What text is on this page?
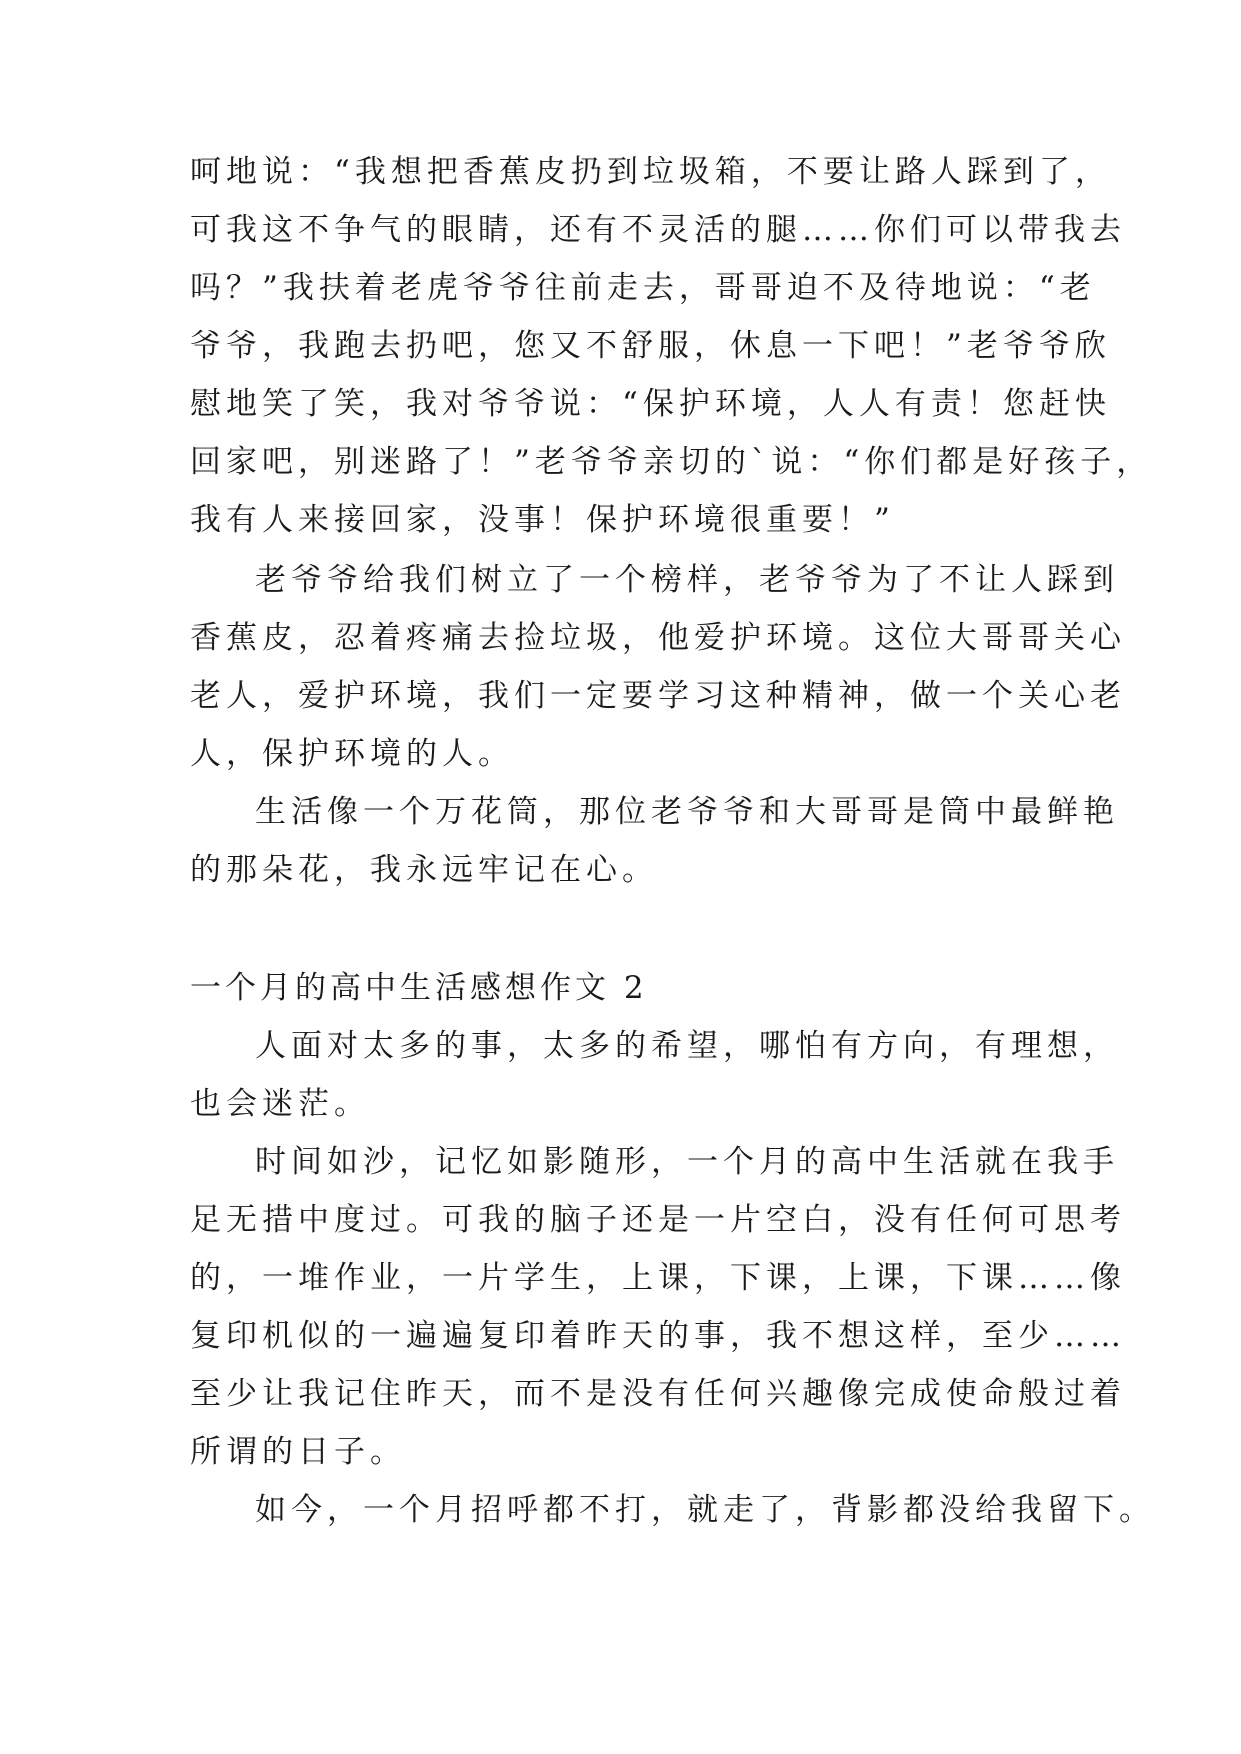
呵地说：“我想把香蕉皮扔到垃圾箱，不要让路人踩到了，
可我这不争气的眼睛，还有不灵活的腿……你们可以带我去
吗？”我扶着老虎爷爷往前走去，哥哥迫不及待地说：“老
爷爷，我跑去扔吧，您又不舒服，休息一下吧！”老爷爷欣
慰地笑了笑，我对爷爷说：“保护环境，人人有责！您赶快
回家吧，别迷路了！”老爷爷亲切的`说：“你们都是好孩子，
我有人来接回家，没事！保护环境很重要！”
老爷爷给我们树立了一个榜样，老爷爷为了不让人踩到
香蕉皮，忍着疼痛去捡垃圾，他爱护环境。这位大哥哥关心
老人，爱护环境，我们一定要学习这种精神，做一个关心老
人，保护环境的人。
生活像一个万花筒，那位老爷爷和大哥哥是筒中最鲜艳
的那朵花，我永远牢记在心。
一个月的高中生活感想作文 2
人面对太多的事，太多的希望，哪怕有方向，有理想，
也会迷茫。
时间如沙，记忆如影随形，一个月的高中生活就在我手
足无措中度过。可我的脑子还是一片空白，没有任何可思考
的，一堆作业，一片学生，上课，下课，上课，下课……像
复印机似的一遍遍复印着昨天的事，我不想这样，至少……
至少让我记住昨天，而不是没有任何兴趣像完成使命般过着
所谓的日子。
如今，一个月招呼都不打，就走了，背影都没给我留下。
